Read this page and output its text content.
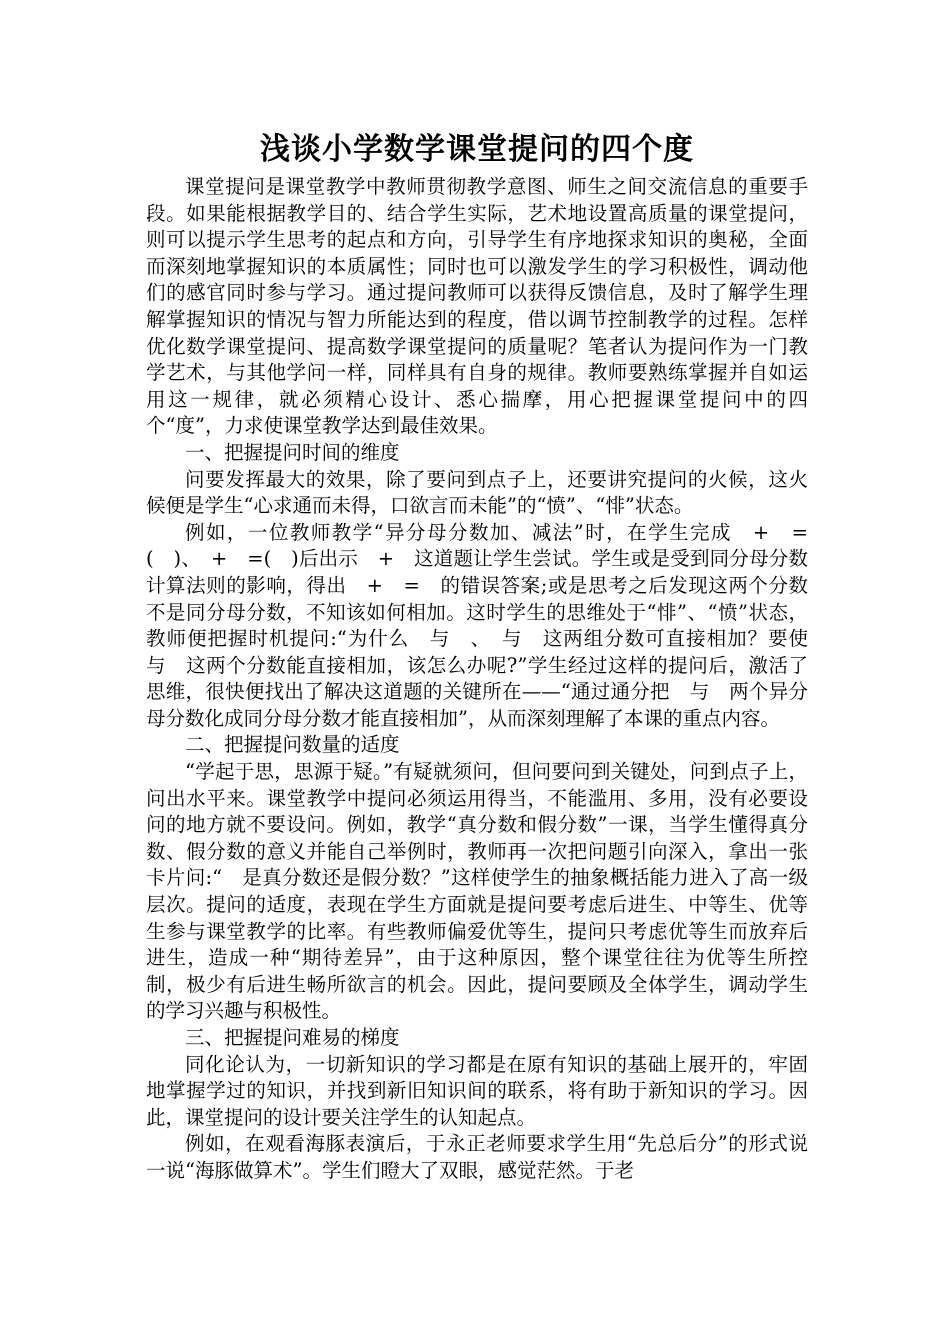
浅谈小学数学课堂提问的四个度

课堂提问是课堂教学中教师贯彻教学意图、师生之间交流信息的重要手段。如果能根据教学目的、结合学生实际，艺术地设置高质量的课堂提问，则可以提示学生思考的起点和方向，引导学生有序地探求知识的奥秘，全面而深刻地掌握知识的本质属性；同时也可以激发学生的学习积极性，调动他们的感官同时参与学习。通过提问教师可以获得反馈信息，及时了解学生理解掌握知识的情况与智力所能达到的程度，借以调节控制教学的过程。怎样优化数学课堂提问、提高数学课堂提问的质量呢？笔者认为提问作为一门教学艺术，与其他学问一样，同样具有自身的规律。教师要熟练掌握并自如运用这一规律，就必须精心设计、悉心揣摩，用心把握课堂提问中的四个“度”，力求使课堂教学达到最佳效果。

一、把握提问时间的维度

问要发挥最大的效果，除了要问到点子上，还要讲究提问的火候，这火候便是学生“心求通而未得，口欲言而未能”的“愤”、“悱”状态。

例如，一位教师教学“异分母分数加、减法”时，在学生完成　+　=(　)、　+　=(　)后出示　+　这道题让学生尝试。学生或是受到同分母分数计算法则的影响，得出　+　=　的错误答案;或是思考之后发现这两个分数不是同分母分数，不知该如何相加。这时学生的思维处于“悱”、“愤”状态，教师便把握时机提问:“为什么　与　、　与　这两组分数可直接相加？要使　与　这两个分数能直接相加，该怎么办呢?”学生经过这样的提问后，激活了思维，很快便找出了解决这道题的关键所在——“通过通分把　与　两个异分母分数化成同分母分数才能直接相加”，从而深刻理解了本课的重点内容。

二、把握提问数量的适度

“学起于思，思源于疑。”有疑就须问，但问要问到关键处，问到点子上，问出水平来。课堂教学中提问必须运用得当，不能滥用、多用，没有必要设问的地方就不要设问。例如，教学“真分数和假分数”一课，当学生懂得真分数、假分数的意义并能自己举例时，教师再一次把问题引向深入，拿出一张卡片问:“　是真分数还是假分数？”这样使学生的抽象概括能力进入了高一级层次。提问的适度，表现在学生方面就是提问要考虑后进生、中等生、优等生参与课堂教学的比率。有些教师偏爱优等生，提问只考虑优等生而放弃后进生，造成一种“期待差异”，由于这种原因，整个课堂往往为优等生所控制，极少有后进生畅所欲言的机会。因此，提问要顾及全体学生，调动学生的学习兴趣与积极性。

三、把握提问难易的梯度

同化论认为，一切新知识的学习都是在原有知识的基础上展开的，牢固地掌握学过的知识，并找到新旧知识间的联系，将有助于新知识的学习。因此，课堂提问的设计要关注学生的认知起点。

例如，在观看海豚表演后，于永正老师要求学生用“先总后分”的形式说一说“海豚做算术”。学生们瞪大了双眼，感觉茫然。于老
